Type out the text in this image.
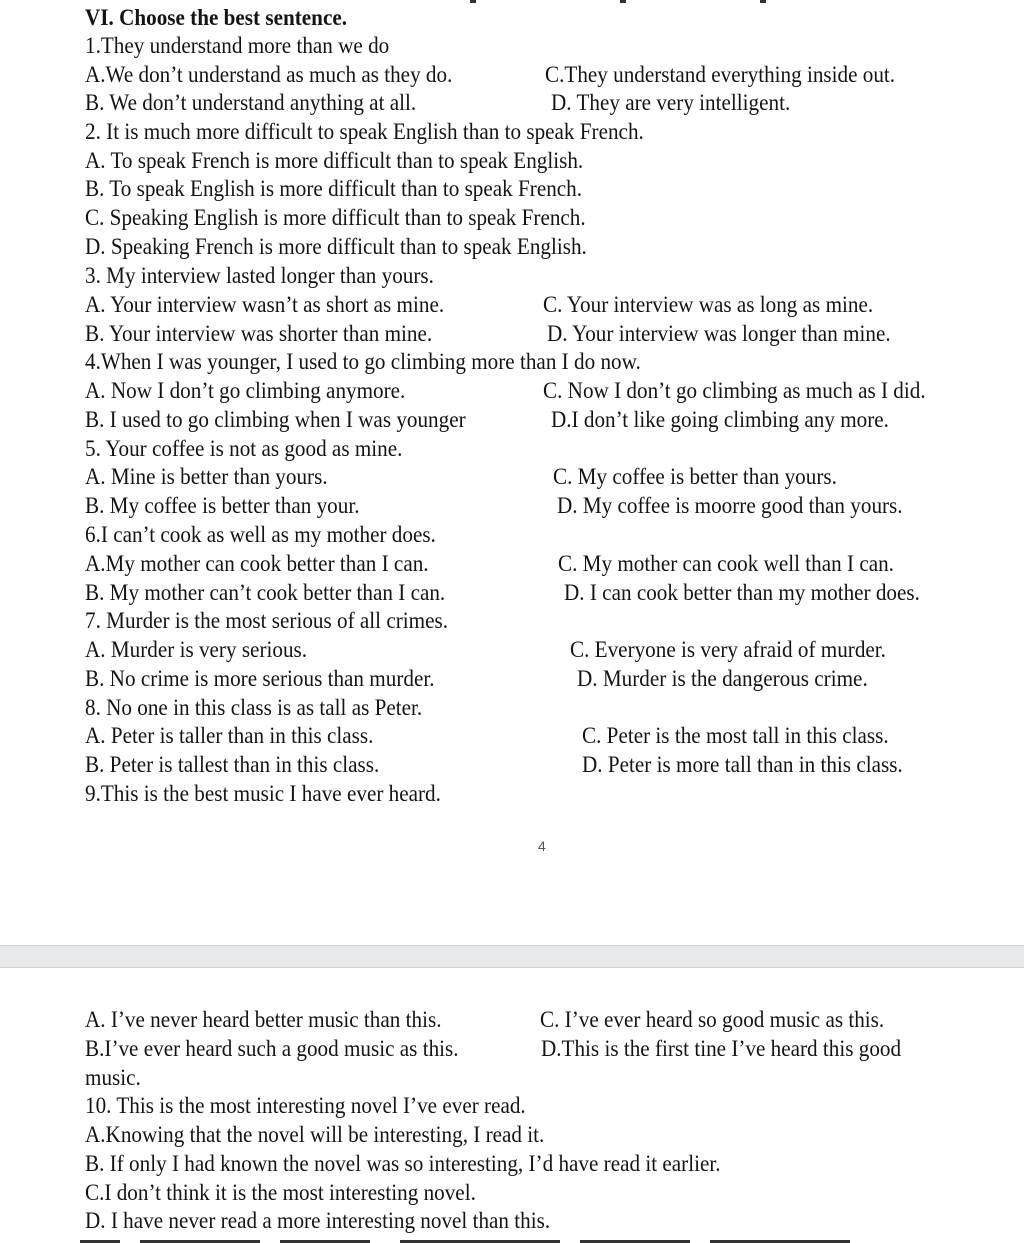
VI. Choose the best sentence.
1.They understand more than we do
A.We don’t understand as much as they do.	C.They understand everything inside out.
B. We don’t understand anything at all.	D. They are very intelligent.
2. It is much more difficult to speak English than to speak French.
A. To speak French is more difficult than to speak English.
B. To speak English is more difficult than to speak French.
C. Speaking English is more difficult than to speak French.
D. Speaking French is more difficult than to speak English.
3. My interview lasted longer than yours.
A. Your interview wasn’t as short as mine.	C. Your interview was as long as mine.
B. Your interview was shorter than mine.	D. Your interview was longer than mine.
4.When I was younger, I used to go climbing more than I do now.
A. Now I don’t go climbing anymore.	C. Now I don’t go climbing as much as I did.
B. I used to go climbing when I was younger	D.I don’t like going climbing any more.
5. Your coffee is not as good as mine.
A. Mine is better than yours.	C. My coffee is better than yours.
B. My coffee is better than your.	D. My coffee is moorre good than yours.
6.I can’t cook as well as my mother does.
A.My mother can cook better than I can.	C. My mother can cook well than I can.
B. My mother can’t cook better than I can.	D. I can cook better than my mother does.
7. Murder is the most serious of all crimes.
A. Murder is very serious.	C. Everyone is very afraid of murder.
B. No crime is more serious than murder.	D. Murder is the dangerous crime.
8. No one in this class is as tall as Peter.
A. Peter is taller than in this class.	C. Peter is the most tall in this class.
B. Peter is tallest than in this class.	D. Peter is more tall than in this class.
9.This is the best music I have ever heard.
4
A. I’ve never heard better music than this.	C. I’ve ever heard so good music as this.
B.I’ve ever heard such a good music as this.	D.This is the first tine I’ve heard this good
music.
10. This is the most interesting novel I’ve ever read.
A.Knowing that the novel will be interesting, I read it.
B. If only I had known the novel was so interesting, I’d have read it earlier.
C.I don’t think it is the most interesting novel.
D. I have never read a more interesting novel than this.
